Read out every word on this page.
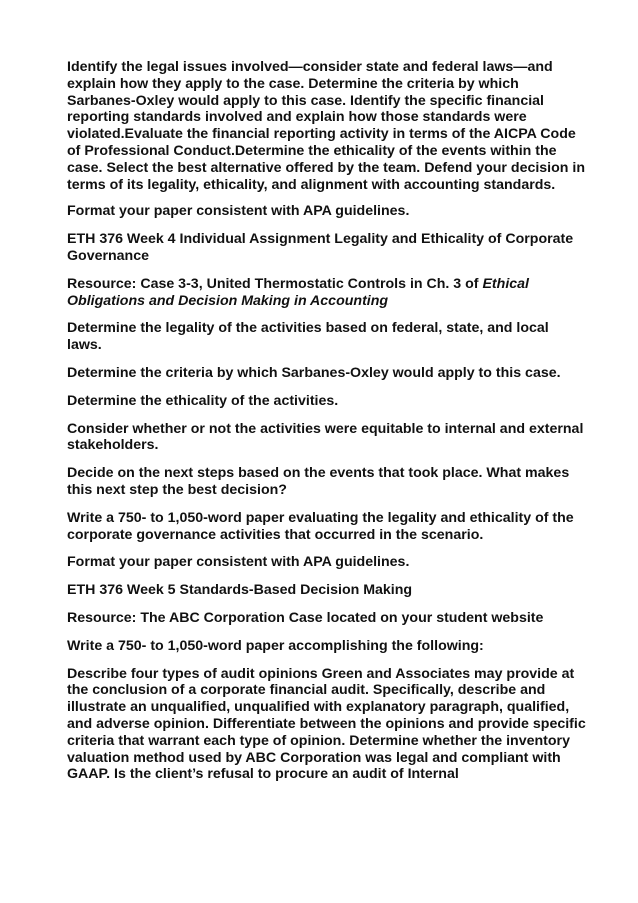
Identify the legal issues involved—consider state and federal laws—and explain how they apply to the case. Determine the criteria by which Sarbanes-Oxley would apply to this case. Identify the specific financial reporting standards involved and explain how those standards were violated.Evaluate the financial reporting activity in terms of the AICPA Code of Professional Conduct.Determine the ethicality of the events within the case. Select the best alternative offered by the team. Defend your decision in terms of its legality, ethicality, and alignment with accounting standards.

Format your paper consistent with APA guidelines.

ETH 376 Week 4 Individual Assignment Legality and Ethicality of Corporate Governance

Resource: Case 3-3, United Thermostatic Controls in Ch. 3 of Ethical Obligations and Decision Making in Accounting

Determine the legality of the activities based on federal, state, and local laws.

Determine the criteria by which Sarbanes-Oxley would apply to this case.

Determine the ethicality of the activities.

Consider whether or not the activities were equitable to internal and external stakeholders.

Decide on the next steps based on the events that took place. What makes this next step the best decision?

Write a 750- to 1,050-word paper evaluating the legality and ethicality of the corporate governance activities that occurred in the scenario.

Format your paper consistent with APA guidelines.

ETH 376 Week 5 Standards-Based Decision Making

Resource: The ABC Corporation Case located on your student website

Write a 750- to 1,050-word paper accomplishing the following:

Describe four types of audit opinions Green and Associates may provide at the conclusion of a corporate financial audit. Specifically, describe and illustrate an unqualified, unqualified with explanatory paragraph, qualified, and adverse opinion. Differentiate between the opinions and provide specific criteria that warrant each type of opinion. Determine whether the inventory valuation method used by ABC Corporation was legal and compliant with GAAP. Is the client’s refusal to procure an audit of Internal
